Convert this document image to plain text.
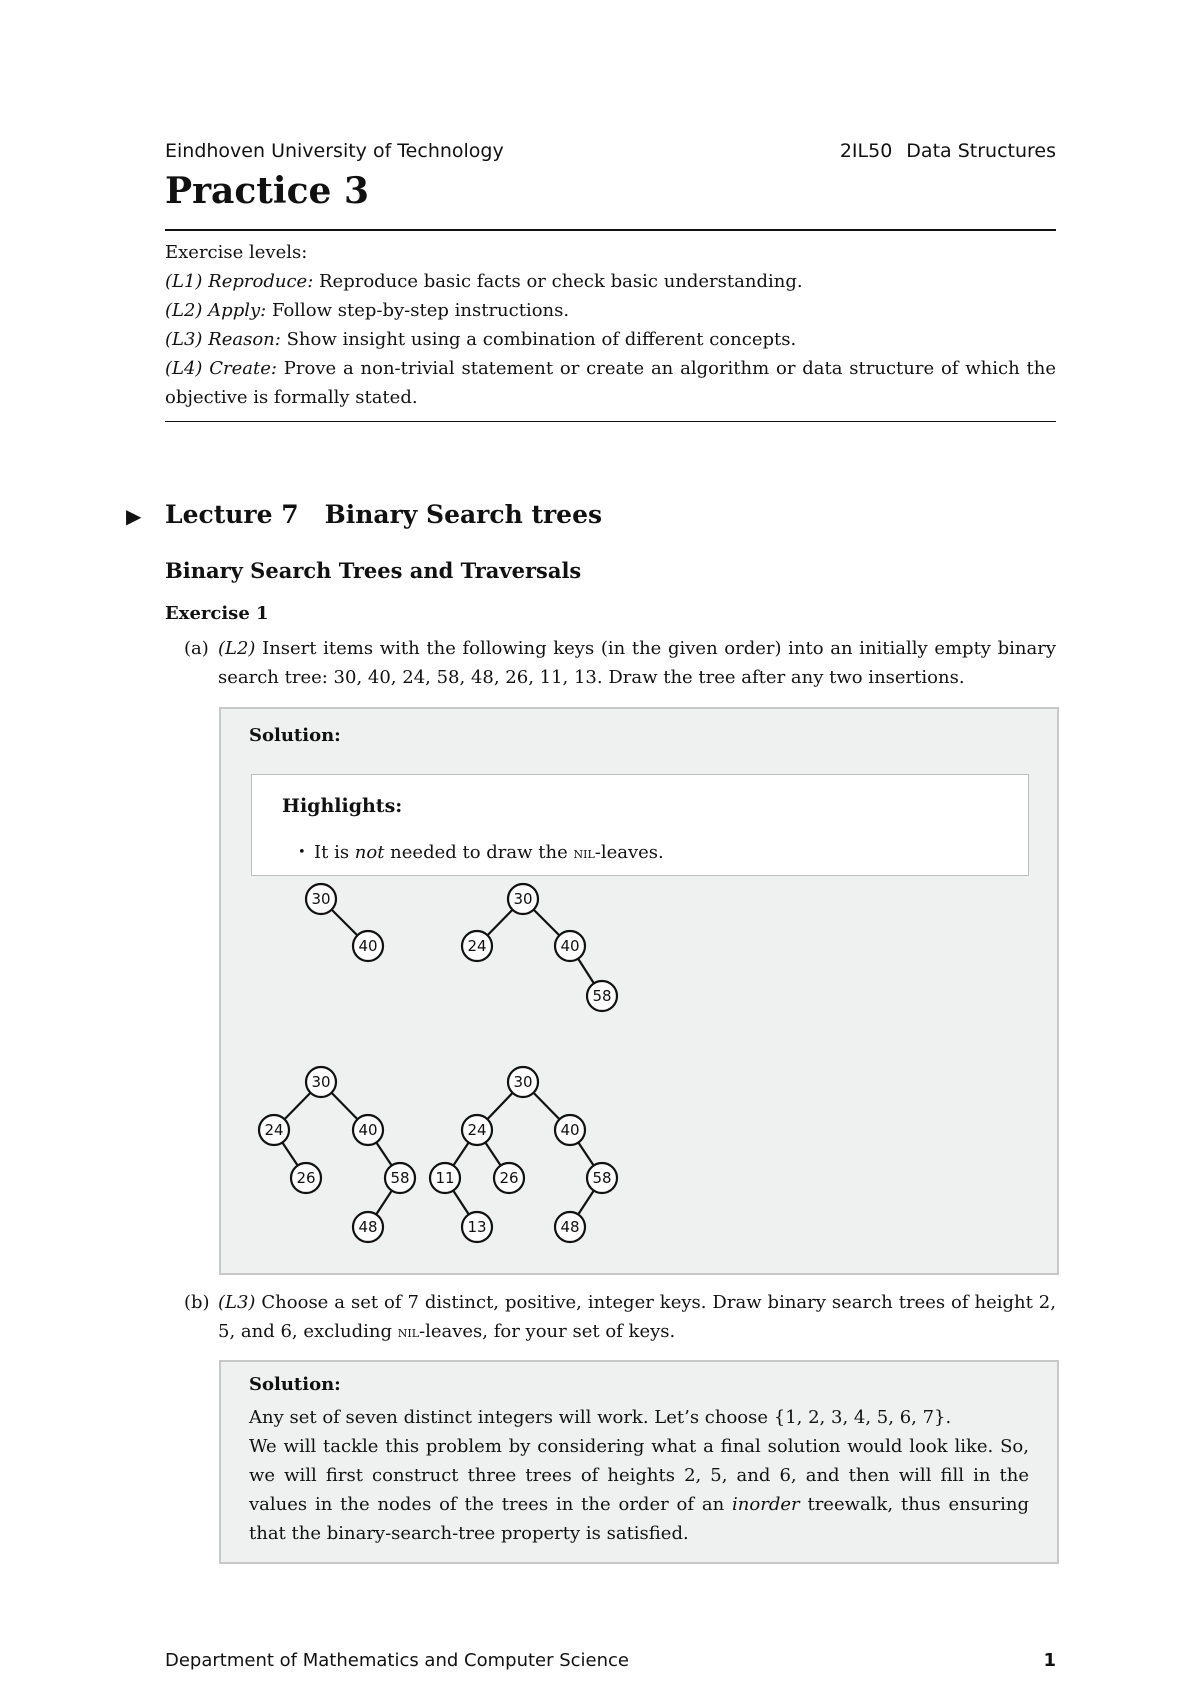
Eindhoven University of Technology	2IL50 Data Structures
Practice 3

Exercise levels:

(L1) Reproduce: Reproduce basic facts or check basic understanding.

(L2) Apply: Follow step-by-step instructions.

(L3) Reason: Show insight using a combination of different concepts.

(L4) Create: Prove a non-trivial statement or create an algorithm or data structure of which the objective is formally stated.

▶ Lecture 7 Binary Search trees
Binary Search Trees and Traversals
Exercise 1
(a) (L2) Insert items with the following keys (in the given order) into an initially empty binary search tree: 30, 40, 24, 58, 48, 26, 11, 13. Draw the tree after any two insertions.
Solution:
Highlights:
• It is not needed to draw the nil-leaves.
30
40
30
24	40
58
30
24	40
26	58
48
30
24	40
11	26	58
13	48
(b) (L3) Choose a set of 7 distinct, positive, integer keys. Draw binary search trees of height 2, 5, and 6, excluding nil-leaves, for your set of keys.
Solution:

Any set of seven distinct integers will work. Let’s choose {1, 2, 3, 4, 5, 6, 7}.

We will tackle this problem by considering what a final solution would look like. So, we will first construct three trees of heights 2, 5, and 6, and then will fill in the values in the nodes of the trees in the order of an inorder treewalk, thus ensuring that the binary-search-tree property is satisfied.

Department of Mathematics and Computer Science	1
